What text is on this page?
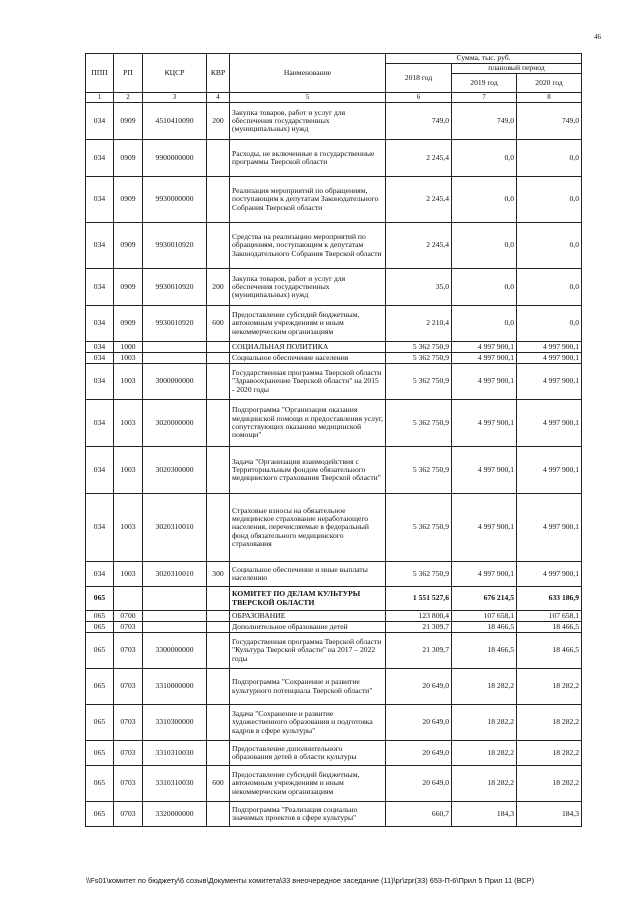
46
ППП	РП	КЦСР	КВР	Наименование	Сумма, тыс. руб.		
					2018 год	плановый период	
						2019 год	2020 год
1	2	3	4	5	6	7	8
034	0909	4510410090	200	Закупка товаров, работ и услуг для обеспечения государственных (муниципальных) нужд	749,0	749,0	749,0
034	0909	9900000000		Расходы, не включенные в государственные программы Тверской области	2 245,4	0,0	0,0
034	0909	9930000000		Реализация мероприятий по обращениям, поступающим к депутатам Законодательного Собрания Тверской области	2 245,4	0,0	0,0
034	0909	9930010920		Средства на реализацию мероприятий по обращениям, поступающим к депутатам Законодательного Собрания Тверской области	2 245,4	0,0	0,0
034	0909	9930010920	200	Закупка товаров, работ и услуг для обеспечения государственных (муниципальных) нужд	35,0	0,0	0,0
034	0909	9930010920	600	Предоставление субсидий бюджетным, автономным учреждениям и иным некоммерческим организациям	2 210,4	0,0	0,0
034	1000			СОЦИАЛЬНАЯ ПОЛИТИКА	5 362 750,9	4 997 900,1	4 997 900,1
034	1003			Социальное обеспечение населения	5 362 750,9	4 997 900,1	4 997 900,1
034	1003	3000000000		Государственная программа Тверской области "Здравоохранение Тверской области" на 2015 - 2020 годы	5 362 750,9	4 997 900,1	4 997 900,1
034	1003	3020000000		Подпрограмма "Организация оказания медицинской помощи и предоставления услуг, сопутствующих оказанию медицинской помощи"	5 362 750,9	4 997 900,1	4 997 900,1
034	1003	3020300000		Задача "Организация взаимодействия с Территориальным фондом обязательного медицинского страхования Тверской области"	5 362 750,9	4 997 900,1	4 997 900,1
034	1003	3020310010		Страховые взносы на обязательное медицинское страхование неработающего населения, перечисляемые в федеральный фонд обязательного медицинского страхования	5 362 750,9	4 997 900,1	4 997 900,1
034	1003	3020310010	300	Социальное обеспечение и иные выплаты населению	5 362 750,9	4 997 900,1	4 997 900,1
065				КОМИТЕТ ПО ДЕЛАМ КУЛЬТУРЫ ТВЕРСКОЙ ОБЛАСТИ	1 551 527,6	676 214,5	633 186,9
065	0700			ОБРАЗОВАНИЕ	123 800,4	107 658,1	107 658,1
065	0703			Дополнительное образование детей	21 309,7	18 466,5	18 466,5
065	0703	3300000000		Государственная программа Тверской области "Культура Тверской области" на 2017 – 2022 годы	21 309,7	18 466,5	18 466,5
065	0703	3310000000		Подпрограмма "Сохранение и развитие культурного потенциала Тверской области"	20 649,0	18 282,2	18 282,2
065	0703	3310300000		Задача "Сохранение и развитие художественного образования и подготовка кадров в сфере культуры"	20 649,0	18 282,2	18 282,2
065	0703	3310310030		Предоставление дополнительного образования детей в области культуры	20 649,0	18 282,2	18 282,2
065	0703	3310310030	600	Предоставление субсидий бюджетным, автономным учреждениям и иным некоммерческим организациям	20 649,0	18 282,2	18 282,2
065	0703	3320000000		Подпрограмма "Реализация социально значимых проектов в сфере культуры"	660,7	184,3	184,3
\\Fs01\комитет по бюджету\6 созыв\Документы комитета\33 внеочередное заседание (11)\pr\zpr(33) 653-П-6\Прил 5 Прил 11 (ВСР)
